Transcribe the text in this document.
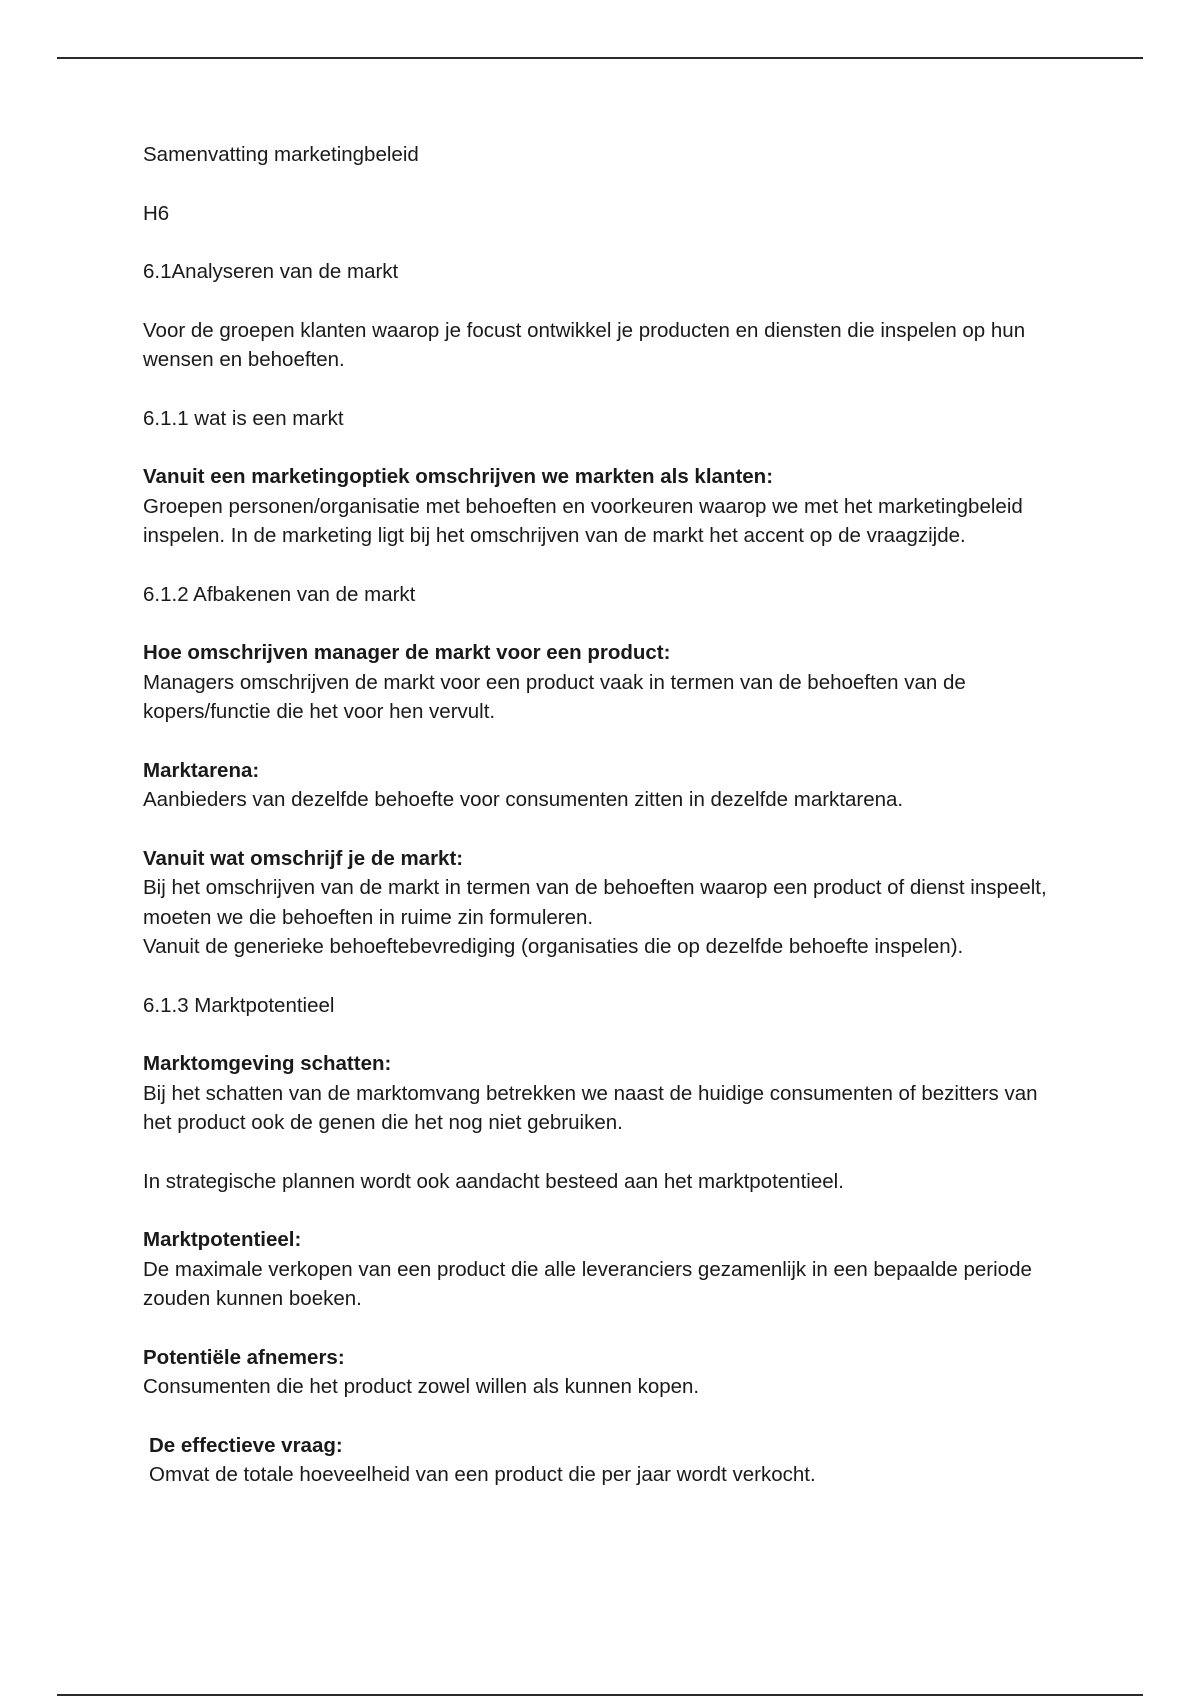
Samenvatting marketingbeleid

H6

6.1Analyseren van de markt

Voor de groepen klanten waarop je focust ontwikkel je producten en diensten die inspelen op hun wensen en behoeften.

6.1.1 wat is een markt

Vanuit een marketingoptiek omschrijven we markten als klanten:
Groepen personen/organisatie met behoeften en voorkeuren waarop we met het marketingbeleid inspelen. In de marketing ligt bij het omschrijven van de markt het accent op de vraagzijde.

6.1.2 Afbakenen van de markt

Hoe omschrijven manager de markt voor een product:
Managers omschrijven de markt voor een product vaak in termen van de behoeften van de kopers/functie die het voor hen vervult.
Marktarena:
Aanbieders van dezelfde behoefte voor consumenten zitten in dezelfde marktarena.
Vanuit wat omschrijf je de markt:
Bij het omschrijven van de markt in termen van de behoeften waarop een product of dienst inspeelt, moeten we die behoeften in ruime zin formuleren.
Vanuit de generieke behoeftebevrediging (organisaties die op dezelfde behoefte inspelen).

6.1.3 Marktpotentieel

Marktomgeving schatten:
Bij het schatten van de marktomvang betrekken we naast de huidige consumenten of bezitters van het product ook de genen die het nog niet gebruiken.

In strategische plannen wordt ook aandacht besteed aan het marktpotentieel.

Marktpotentieel:
De maximale verkopen van een product die alle leveranciers gezamenlijk in een bepaalde periode zouden kunnen boeken.
Potentiële afnemers:
Consumenten die het product zowel willen als kunnen kopen.
De effectieve vraag:
Omvat de totale hoeveelheid van een product die per jaar wordt verkocht.
